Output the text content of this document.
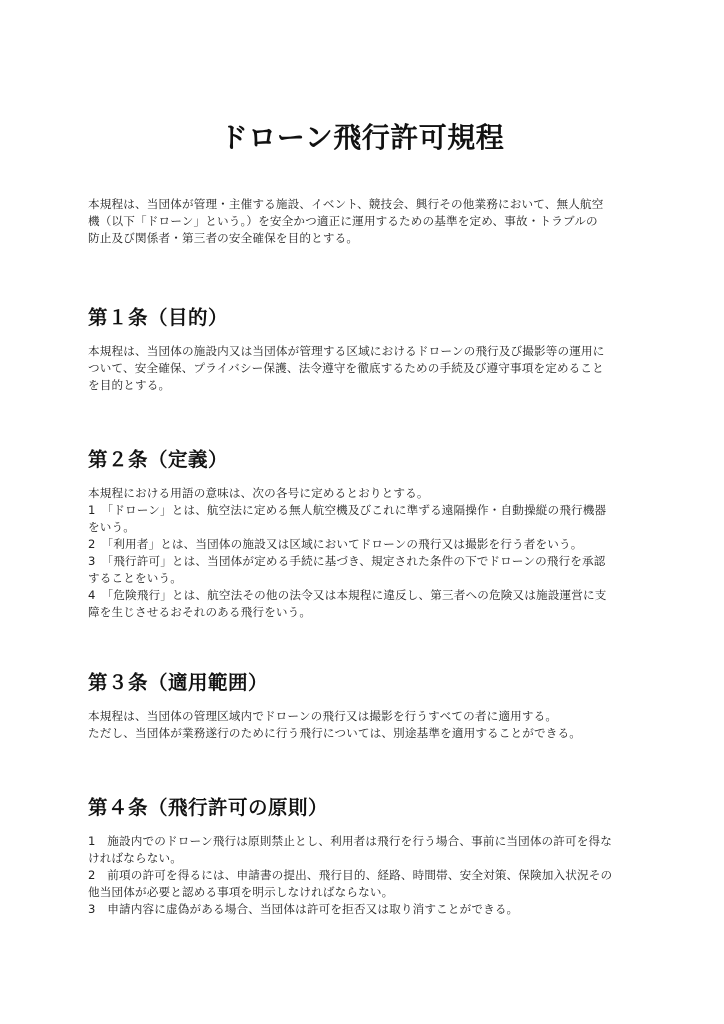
ドローン飛行許可規程

本規程は、当団体が管理・主催する施設、イベント、競技会、興行その他業務において、無人航空

機（以下「ドローン」という。）を安全かつ適正に運用するための基準を定め、事故・トラブルの

防止及び関係者・第三者の安全確保を目的とする。

第１条（目的）

本規程は、当団体の施設内又は当団体が管理する区域におけるドローンの飛行及び撮影等の運用に

ついて、安全確保、プライバシー保護、法令遵守を徹底するための手続及び遵守事項を定めること

を目的とする。

第２条（定義）

本規程における用語の意味は、次の各号に定めるとおりとする。

1　「ドローン」とは、航空法に定める無人航空機及びこれに準ずる遠隔操作・自動操縦の飛行機器

をいう。

2　「利用者」とは、当団体の施設又は区域においてドローンの飛行又は撮影を行う者をいう。

3　「飛行許可」とは、当団体が定める手続に基づき、規定された条件の下でドローンの飛行を承認

することをいう。

4　「危険飛行」とは、航空法その他の法令又は本規程に違反し、第三者への危険又は施設運営に支

障を生じさせるおそれのある飛行をいう。

第３条（適用範囲）

本規程は、当団体の管理区域内でドローンの飛行又は撮影を行うすべての者に適用する。

ただし、当団体が業務遂行のために行う飛行については、別途基準を適用することができる。

第４条（飛行許可の原則）

1　施設内でのドローン飛行は原則禁止とし、利用者は飛行を行う場合、事前に当団体の許可を得な

ければならない。

2　前項の許可を得るには、申請書の提出、飛行目的、経路、時間帯、安全対策、保険加入状況その

他当団体が必要と認める事項を明示しなければならない。

3　申請内容に虚偽がある場合、当団体は許可を拒否又は取り消すことができる。
